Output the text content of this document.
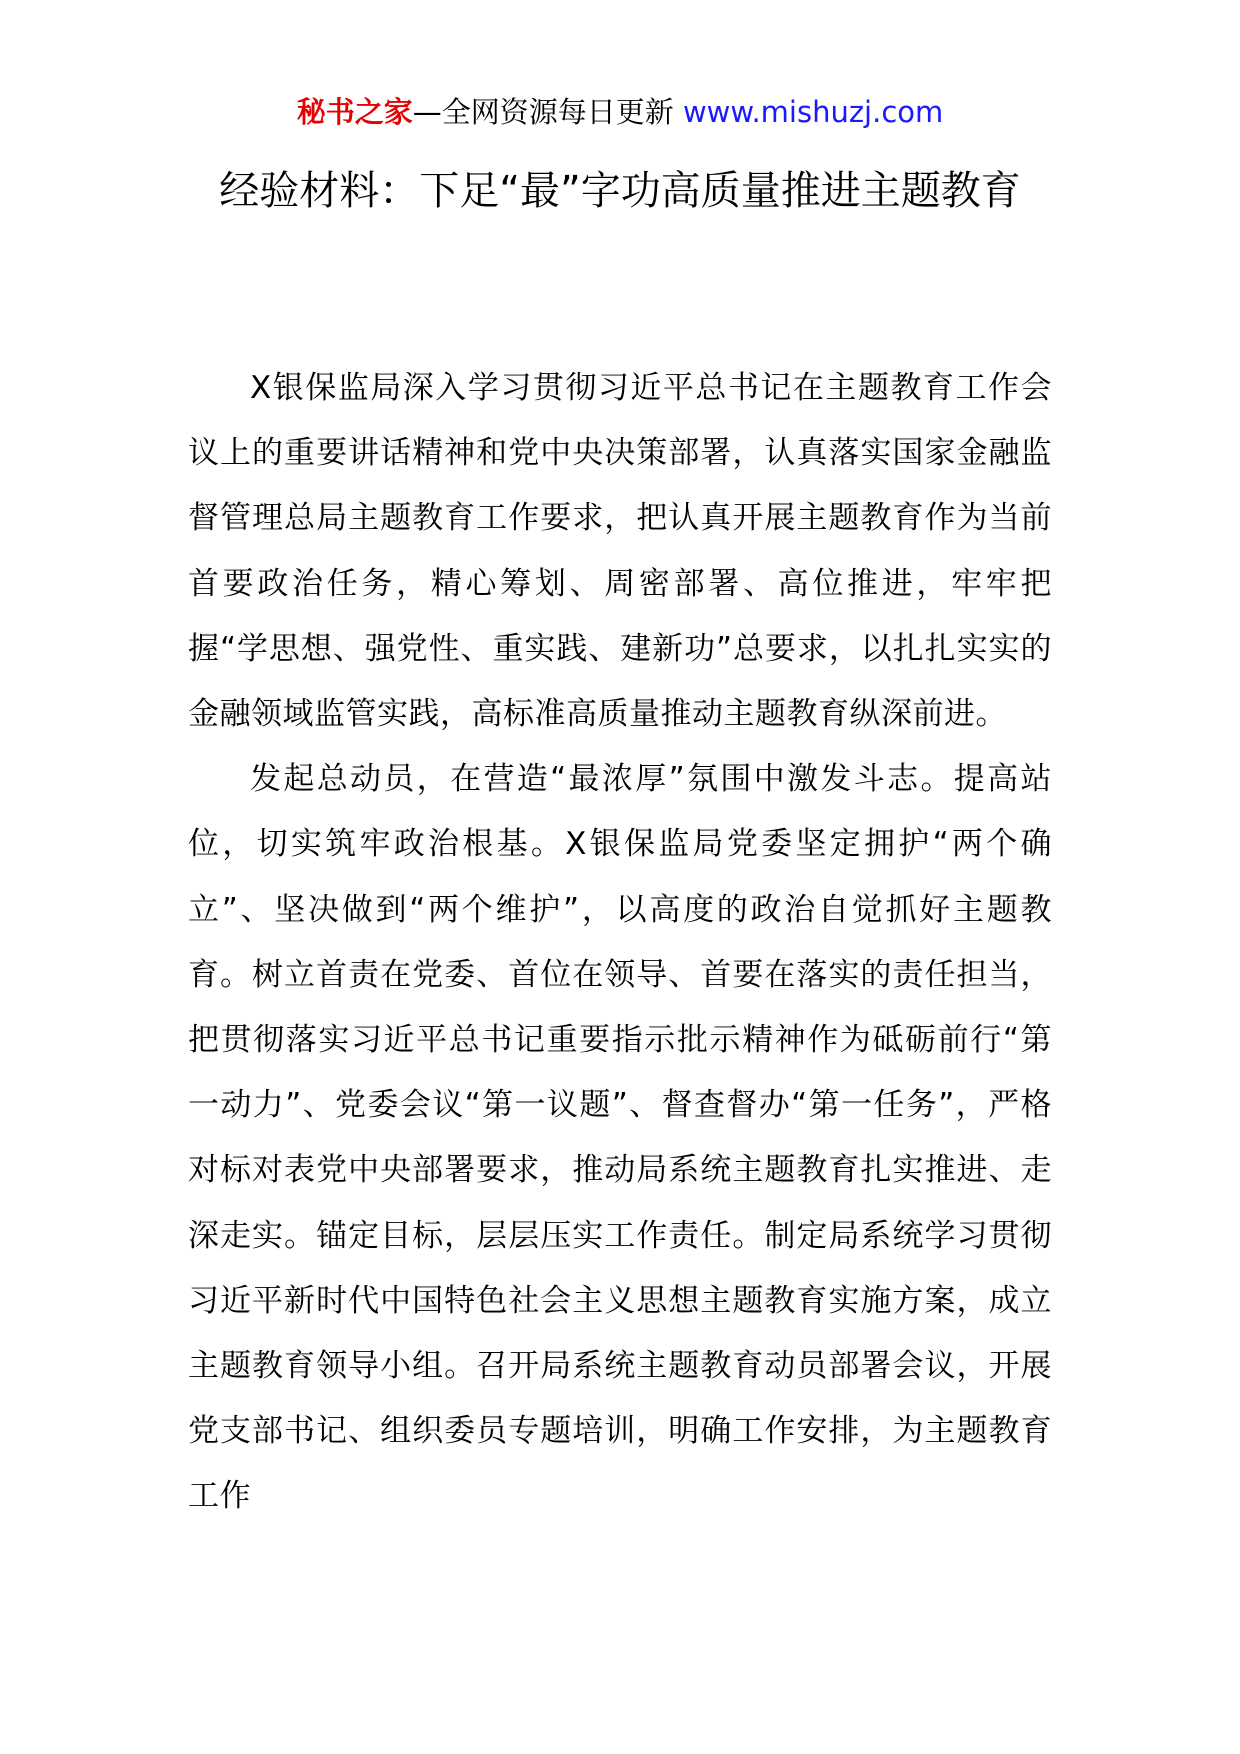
秘书之家—全网资源每日更新 www.mishuzj.com
经验材料：下足“最”字功高质量推进主题教育

X银保监局深入学习贯彻习近平总书记在主题教育工作会议上的重要讲话精神和党中央决策部署，认真落实国家金融监督管理总局主题教育工作要求，把认真开展主题教育作为当前首要政治任务，精心筹划、周密部署、高位推进，牢牢把握“学思想、强党性、重实践、建新功”总要求，以扎扎实实的金融领域监管实践，高标准高质量推动主题教育纵深前进。

发起总动员，在营造“最浓厚”氛围中激发斗志。提高站位，切实筑牢政治根基。X银保监局党委坚定拥护“两个确立”、坚决做到“两个维护”，以高度的政治自觉抓好主题教育。树立首责在党委、首位在领导、首要在落实的责任担当，把贯彻落实习近平总书记重要指示批示精神作为砥砺前行“第一动力”、党委会议“第一议题”、督查督办“第一任务”，严格对标对表党中央部署要求，推动局系统主题教育扎实推进、走深走实。锚定目标，层层压实工作责任。制定局系统学习贯彻习近平新时代中国特色社会主义思想主题教育实施方案，成立主题教育领导小组。召开局系统主题教育动员部署会议，开展党支部书记、组织委员专题培训，明确工作安排，为主题教育工作
